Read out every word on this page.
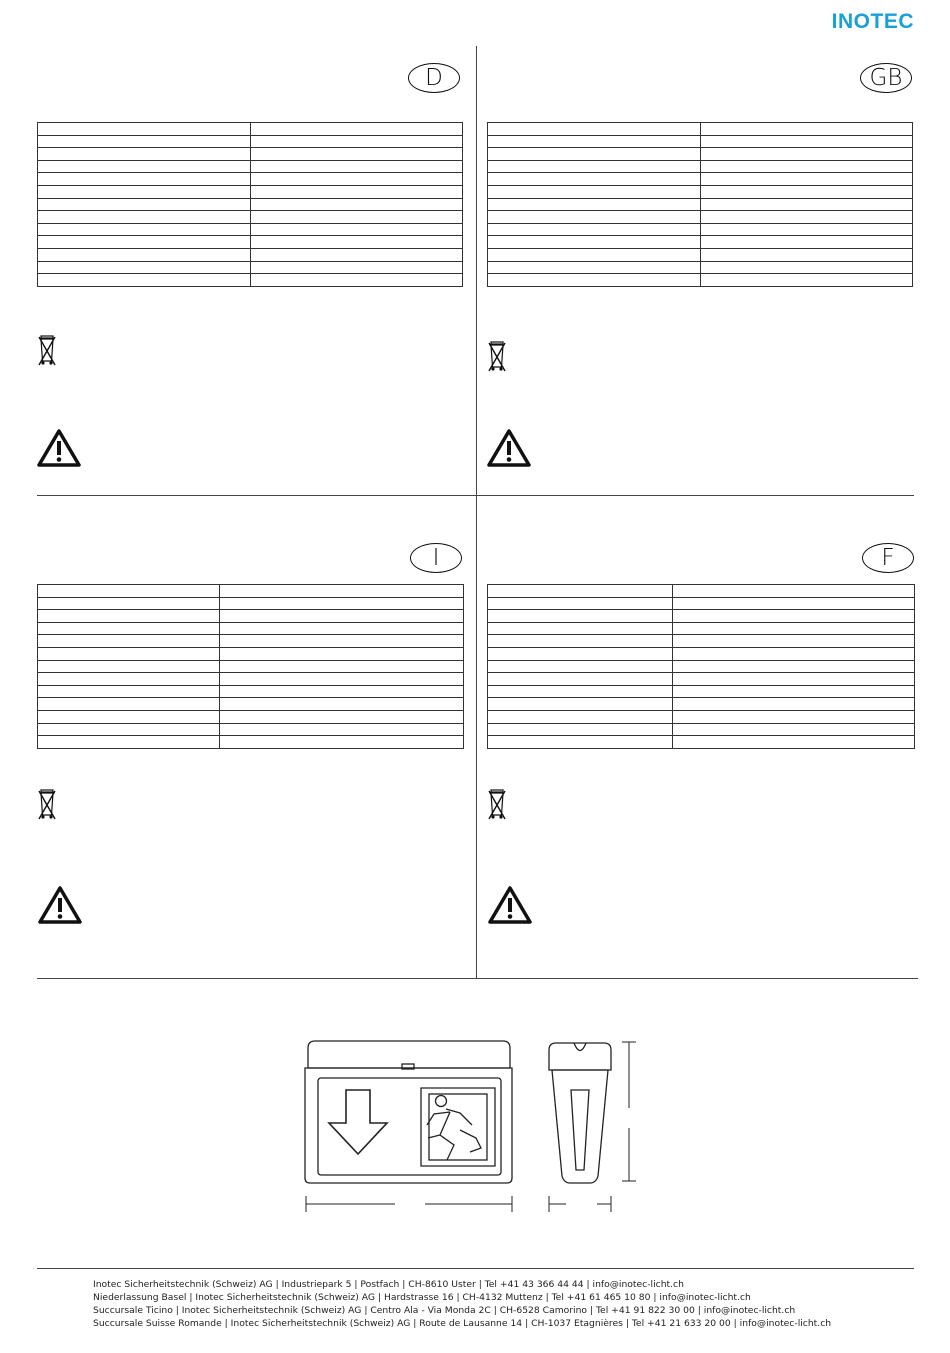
INOTEC
D

		GB

I

		F

Inotec Sicherheitstechnik (Schweiz) AG | Industriepark 5 | Postfach | CH-8610 Uster | Tel +41 43 366 44 44 | info@inotec-licht.ch
Niederlassung Basel | Inotec Sicherheitstechnik (Schweiz) AG | Hardstrasse 16 | CH-4132 Muttenz | Tel +41 61 465 10 80 | info@inotec-licht.ch
Succursale Ticino | Inotec Sicherheitstechnik (Schweiz) AG | Centro Ala - Via Monda 2C | CH-6528 Camorino | Tel +41 91 822 30 00 | info@inotec-licht.ch
Succursale Suisse Romande | Inotec Sicherheitstechnik (Schweiz) AG | Route de Lausanne 14 | CH-1037 Etagnières | Tel +41 21 633 20 00 | info@inotec-licht.ch
